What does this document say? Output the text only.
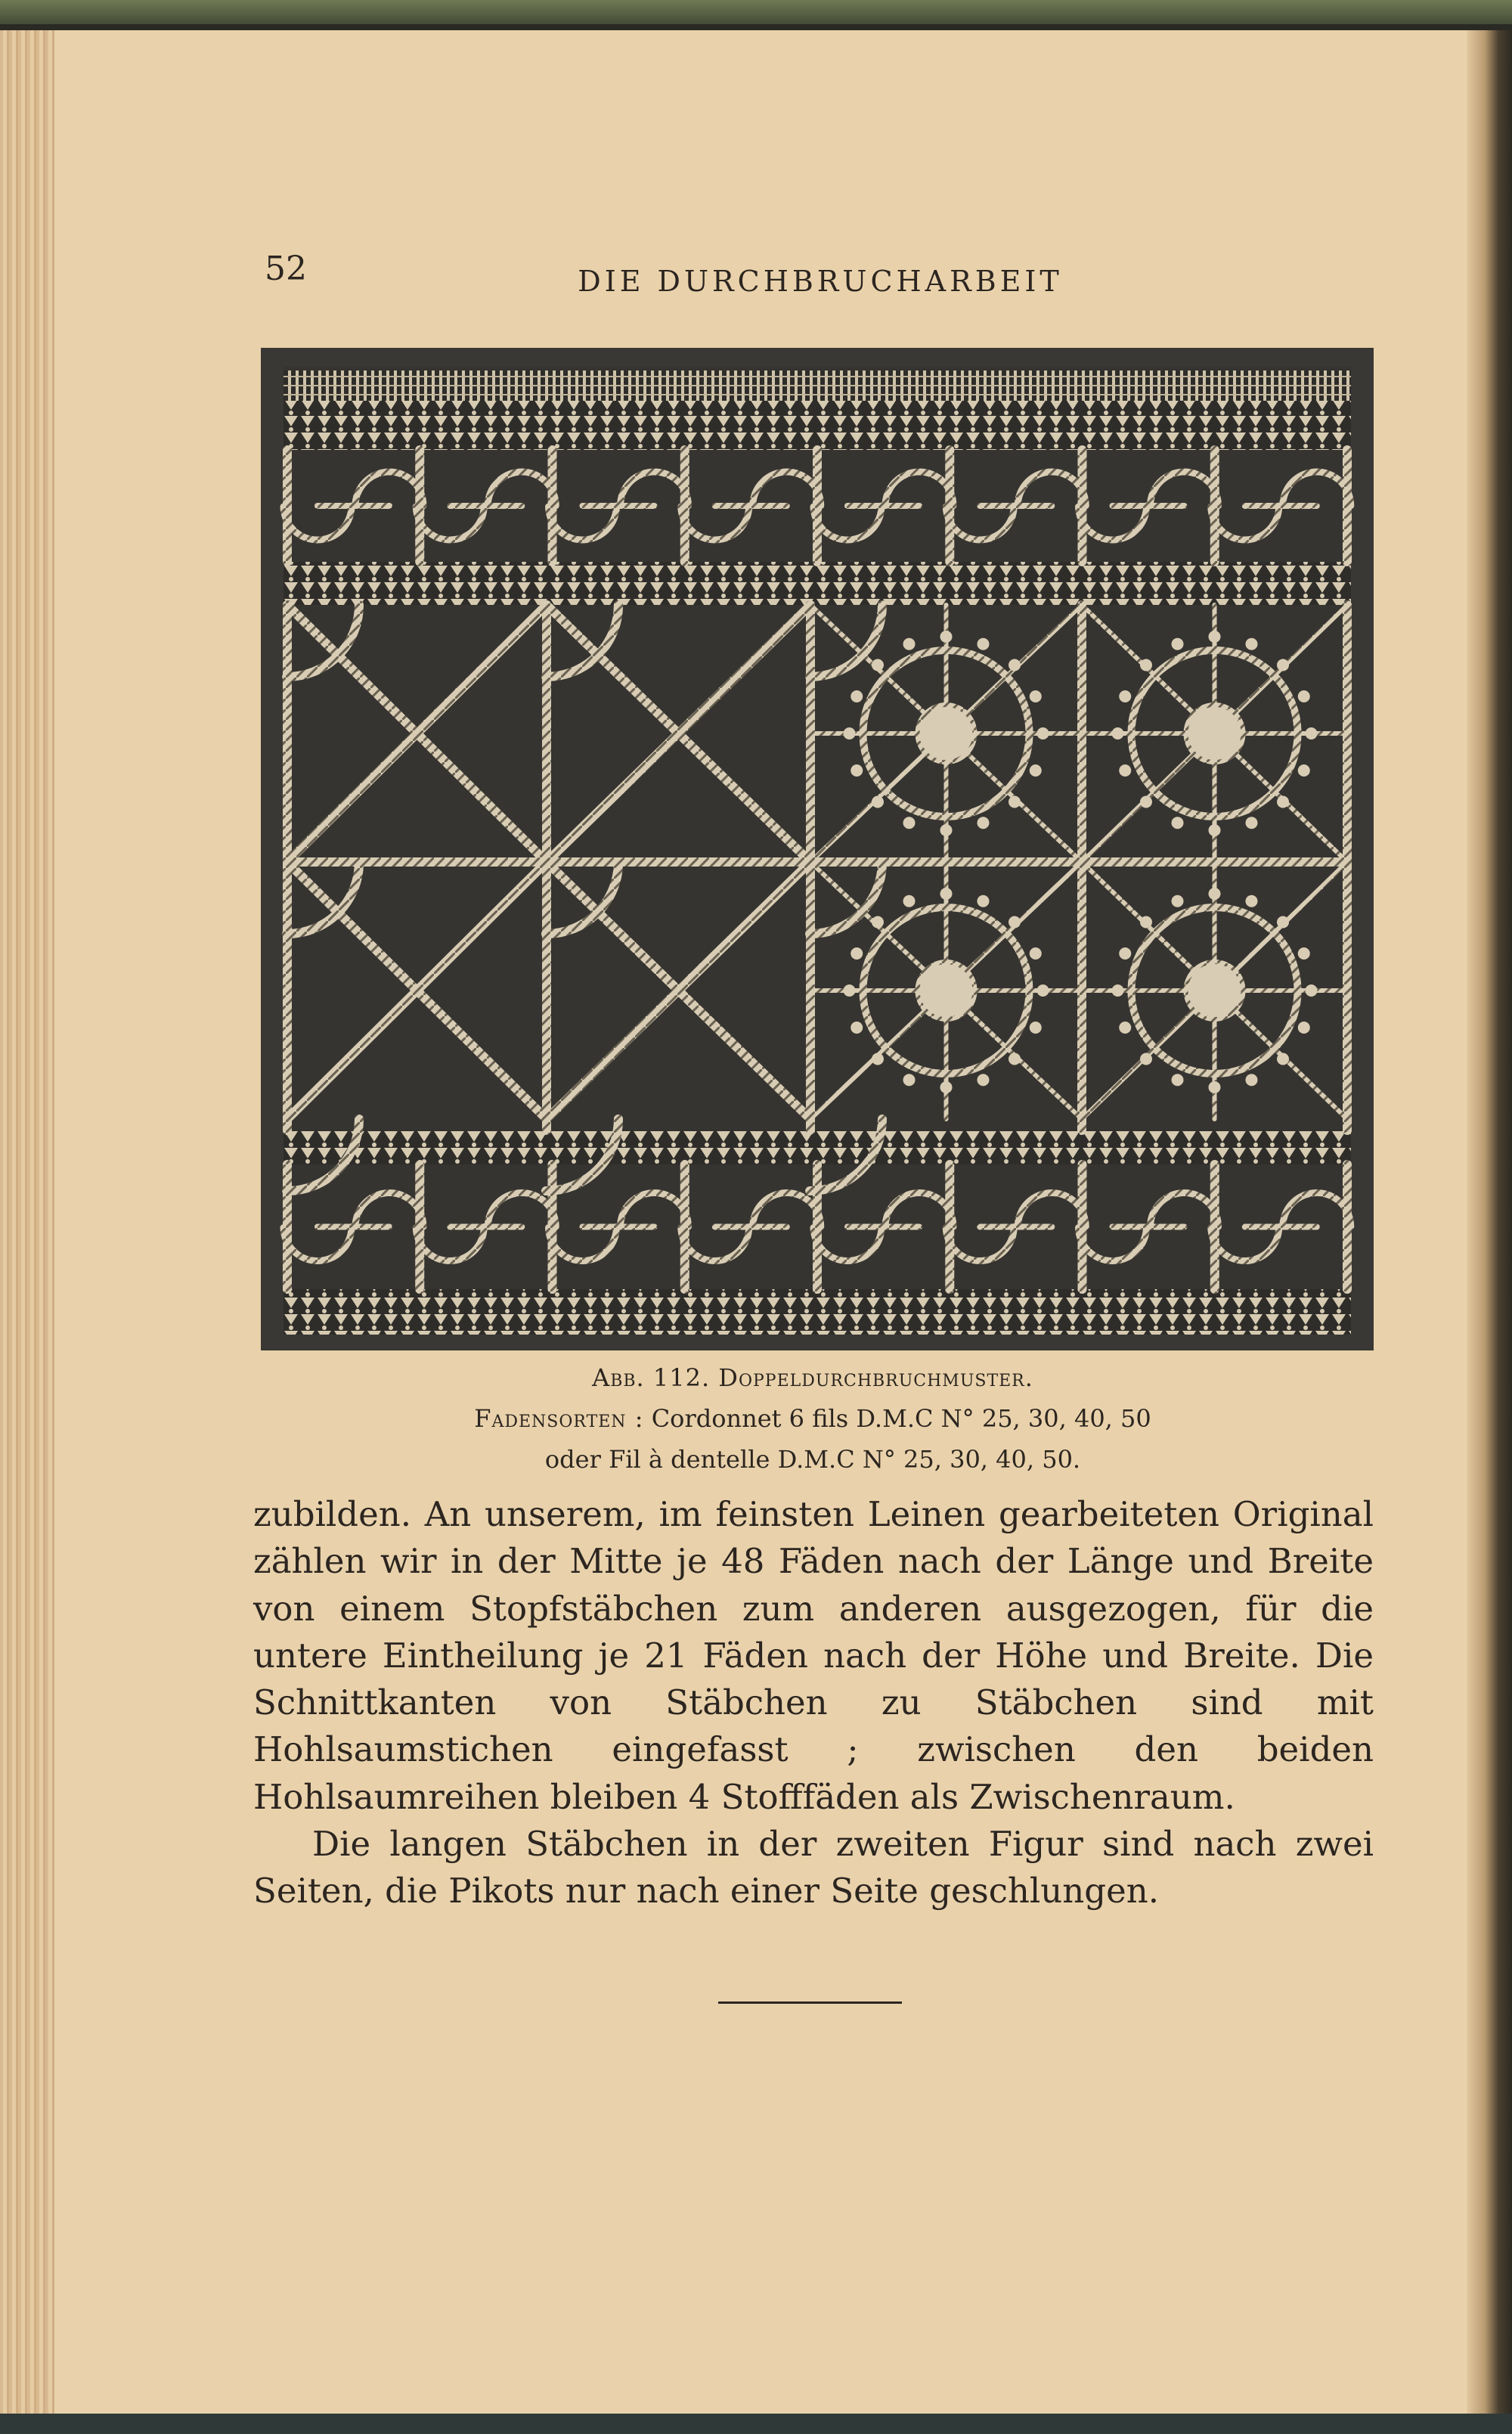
52	DIE DURCHBRUCHARBEIT
Abb. 112. Doppeldurchbruchmuster.
Fadensorten : Cordonnet 6 fils D.M.C N° 25, 30, 40, 50
oder Fil à dentelle D.M.C N° 25, 30, 40, 50.

zubilden. An unserem, im feinsten Leinen gearbeiteten Original zählen wir in der Mitte je 48 Fäden nach der Länge und Breite von einem Stopfstäbchen zum anderen ausgezogen, für die untere Eintheilung je 21 Fäden nach der Höhe und Breite. Die Schnittkanten von Stäbchen zu Stäbchen sind mit Hohlsaumstichen eingefasst ; zwischen den beiden Hohlsaumreihen bleiben 4 Stofffäden als Zwischenraum.

Die langen Stäbchen in der zweiten Figur sind nach zwei Seiten, die Pikots nur nach einer Seite geschlungen.
